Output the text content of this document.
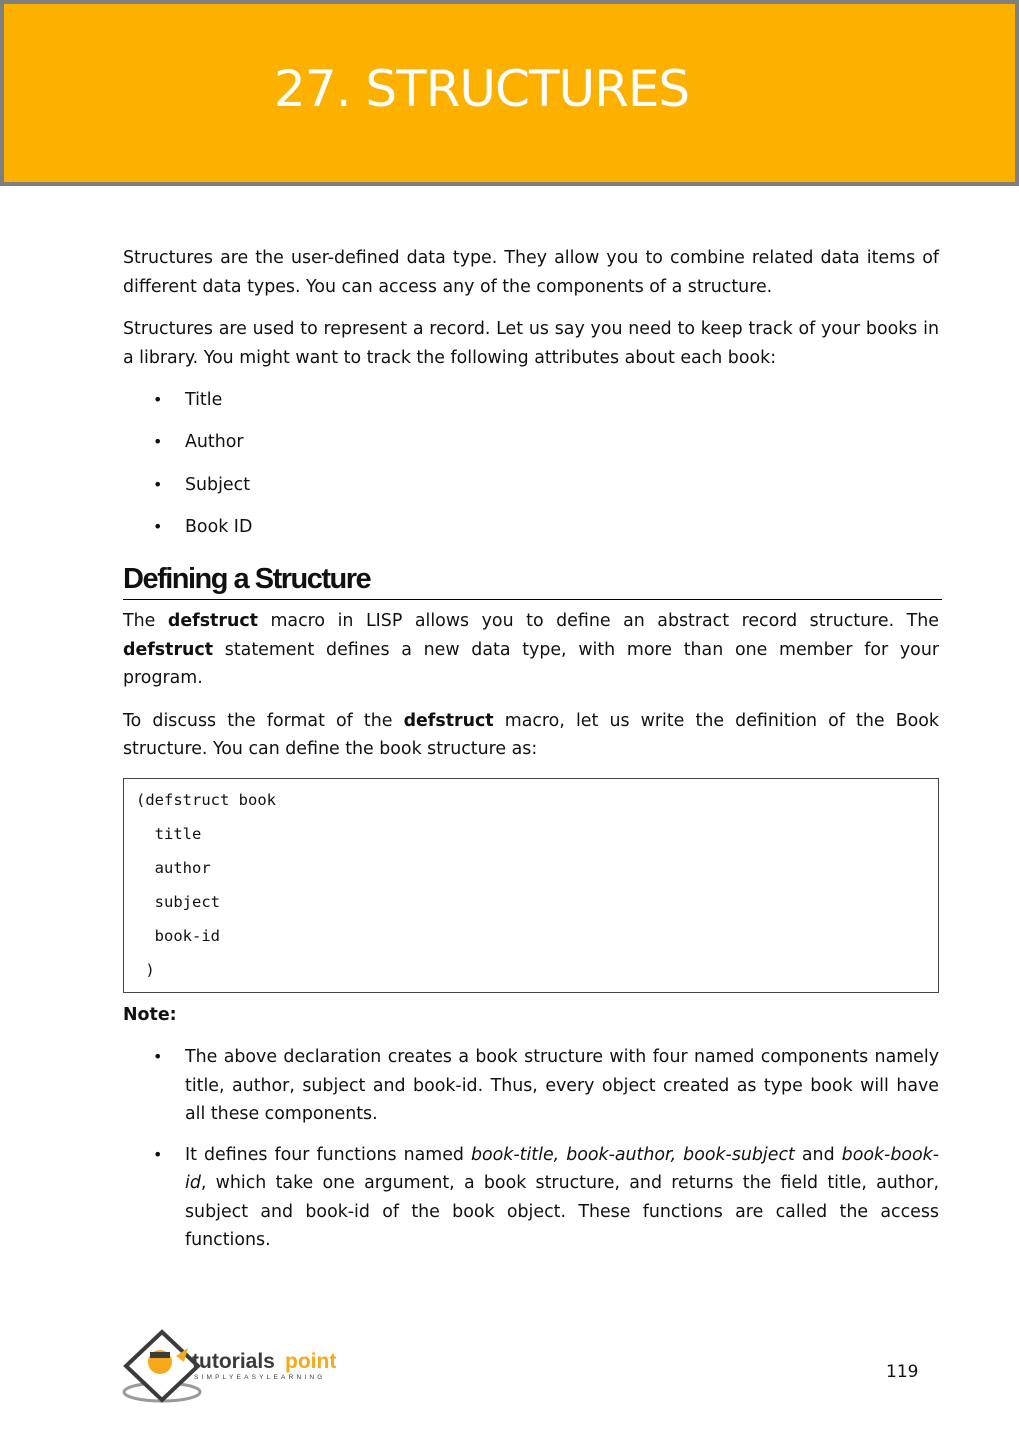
27. STRUCTURES

Structures are the user-defined data type. They allow you to combine related data items of different data types. You can access any of the components of a structure.

Structures are used to represent a record. Let us say you need to keep track of your books in a library. You might want to track the following attributes about each book:

• Title
• Author
• Subject
• Book ID
Defining a Structure

The defstruct macro in LISP allows you to define an abstract record structure. The defstruct statement defines a new data type, with more than one member for your program.

To discuss the format of the defstruct macro, let us write the definition of the Book structure. You can define the book structure as:

(defstruct book
title
author
subject
book-id
)
Note:
• The above declaration creates a book structure with four named components namely title, author, subject and book-id. Thus, every object created as type book will have all these components.
• It defines four functions named book-title, book-author, book-subject and book-book-id, which take one argument, a book structure, and returns the field title, author, subject and book-id of the book object. These functions are called the access functions.
tutorials point
SIMPLYEASYLEARNING	119
